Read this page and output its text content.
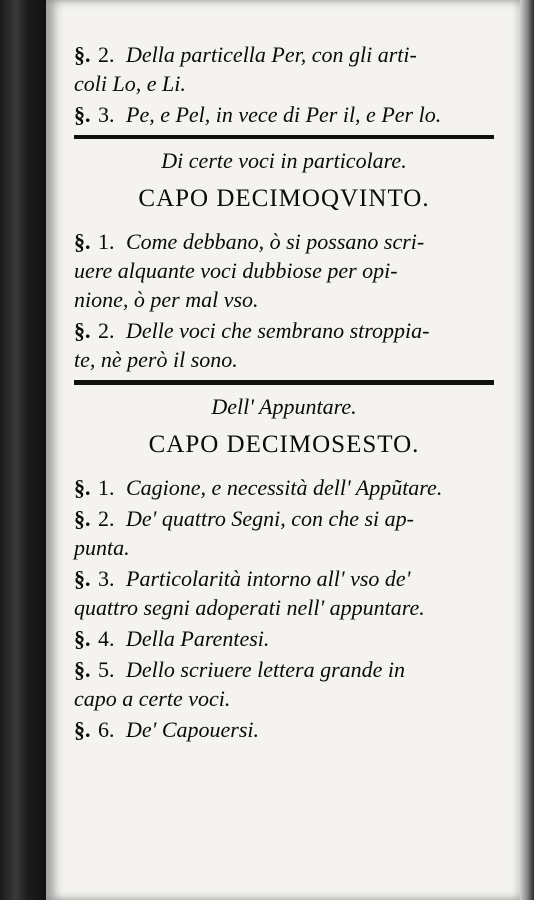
§. 2. Della particella Per, con gli arti-
coli Lo, e Li.
§. 3. Pe, e Pel, in vece di Per il, e Per lo.
Di certe voci in particolare.
CAPO DECIMOQVINTO.
§. 1. Come debbano, ò si possano scri-
uere alquante voci dubbiose per opi-
nione, ò per mal vso.
§. 2. Delle voci che sembrano stroppia-
te, nè però il sono.
Dell' Appuntare.
CAPO DECIMOSESTO.
§. 1. Cagione, e necessità dell' Appũtare.
§. 2. De' quattro Segni, con che si ap-
punta.
§. 3. Particolarità intorno all' vso de'
quattro segni adoperati nell' appuntare.
§. 4. Della Parentesi.
§. 5. Dello scriuere lettera grande in
capo a certe voci.
§. 6. De' Capouersi.
